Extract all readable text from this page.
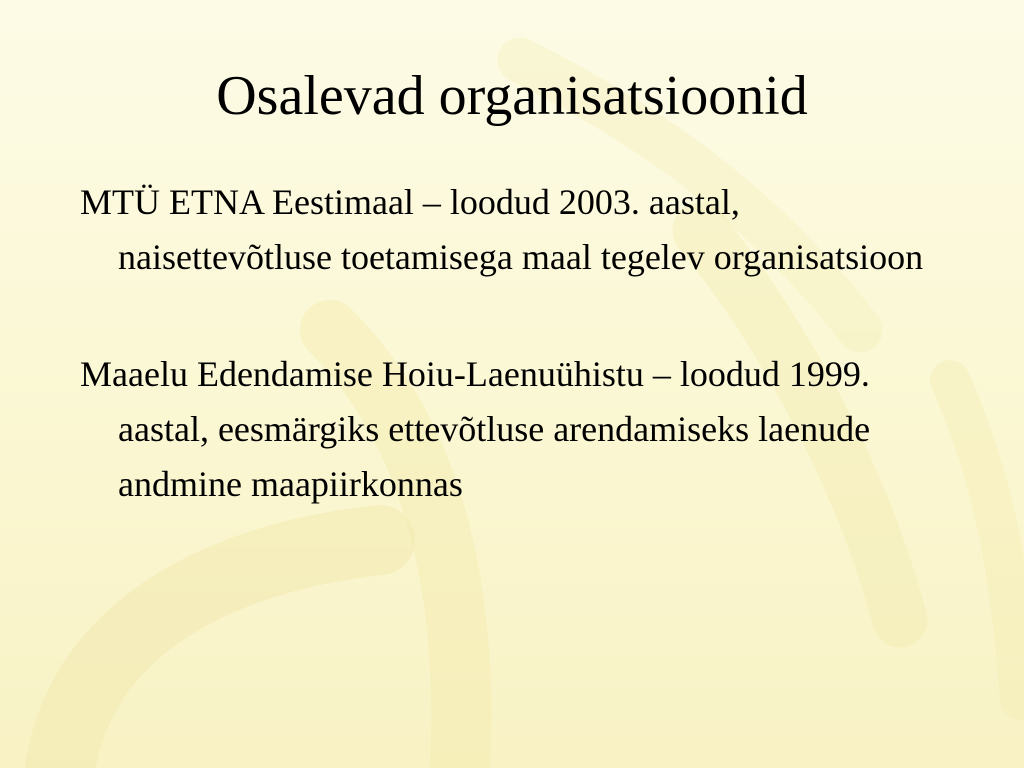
Osalevad organisatsioonid

MTÜ ETNA Eestimaal – loodud 2003. aastal, naisettevõtluse toetamisega maal tegelev organisatsioon

Maaelu Edendamise Hoiu-Laenuühistu – loodud 1999. aastal, eesmärgiks ettevõtluse arendamiseks laenude andmine maapiirkonnas
